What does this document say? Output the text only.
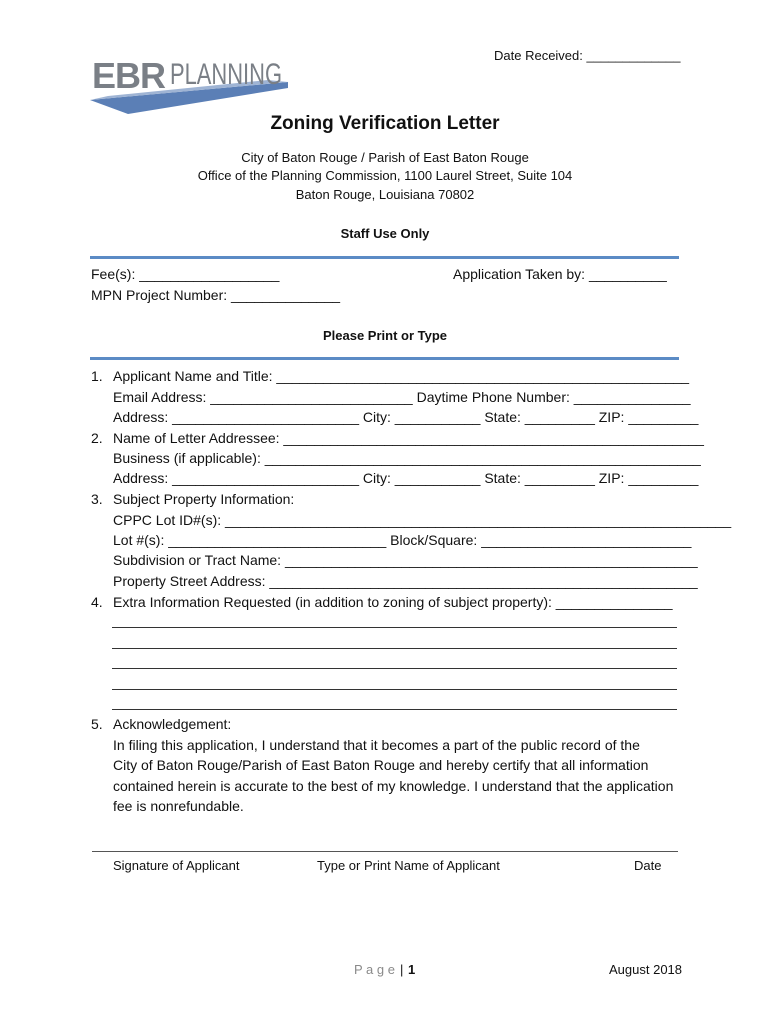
EBR PLANNING
Date Received: _____________
Zoning Verification Letter
City of Baton Rouge / Parish of East Baton Rouge
Office of the Planning Commission, 1100 Laurel Street, Suite 104
Baton Rouge, Louisiana 70802
Staff Use Only
Fee(s): __________________	Application Taken by: __________
MPN Project Number: ______________
Please Print or Type
1. Applicant Name and Title: _____________________________________________________
Email Address: __________________________ Daytime Phone Number: _______________
Address: ________________________ City: ___________ State: _________ ZIP: _________
2. Name of Letter Addressee: ______________________________________________________
Business (if applicable): ________________________________________________________
Address: ________________________ City: ___________ State: _________ ZIP: _________
3. Subject Property Information:
CPPC Lot ID#(s): _________________________________________________________________
Lot #(s): ____________________________ Block/Square: ___________________________
Subdivision or Tract Name: _____________________________________________________
Property Street Address: _______________________________________________________
4. Extra Information Requested (in addition to zoning of subject property): _______________
5. Acknowledgement:
In filing this application, I understand that it becomes a part of the public record of the
City of Baton Rouge/Parish of East Baton Rouge and hereby certify that all information
contained herein is accurate to the best of my knowledge. I understand that the application
fee is nonrefundable.
Signature of Applicant	Type or Print Name of Applicant	Date
P a g e | 1	August 2018
